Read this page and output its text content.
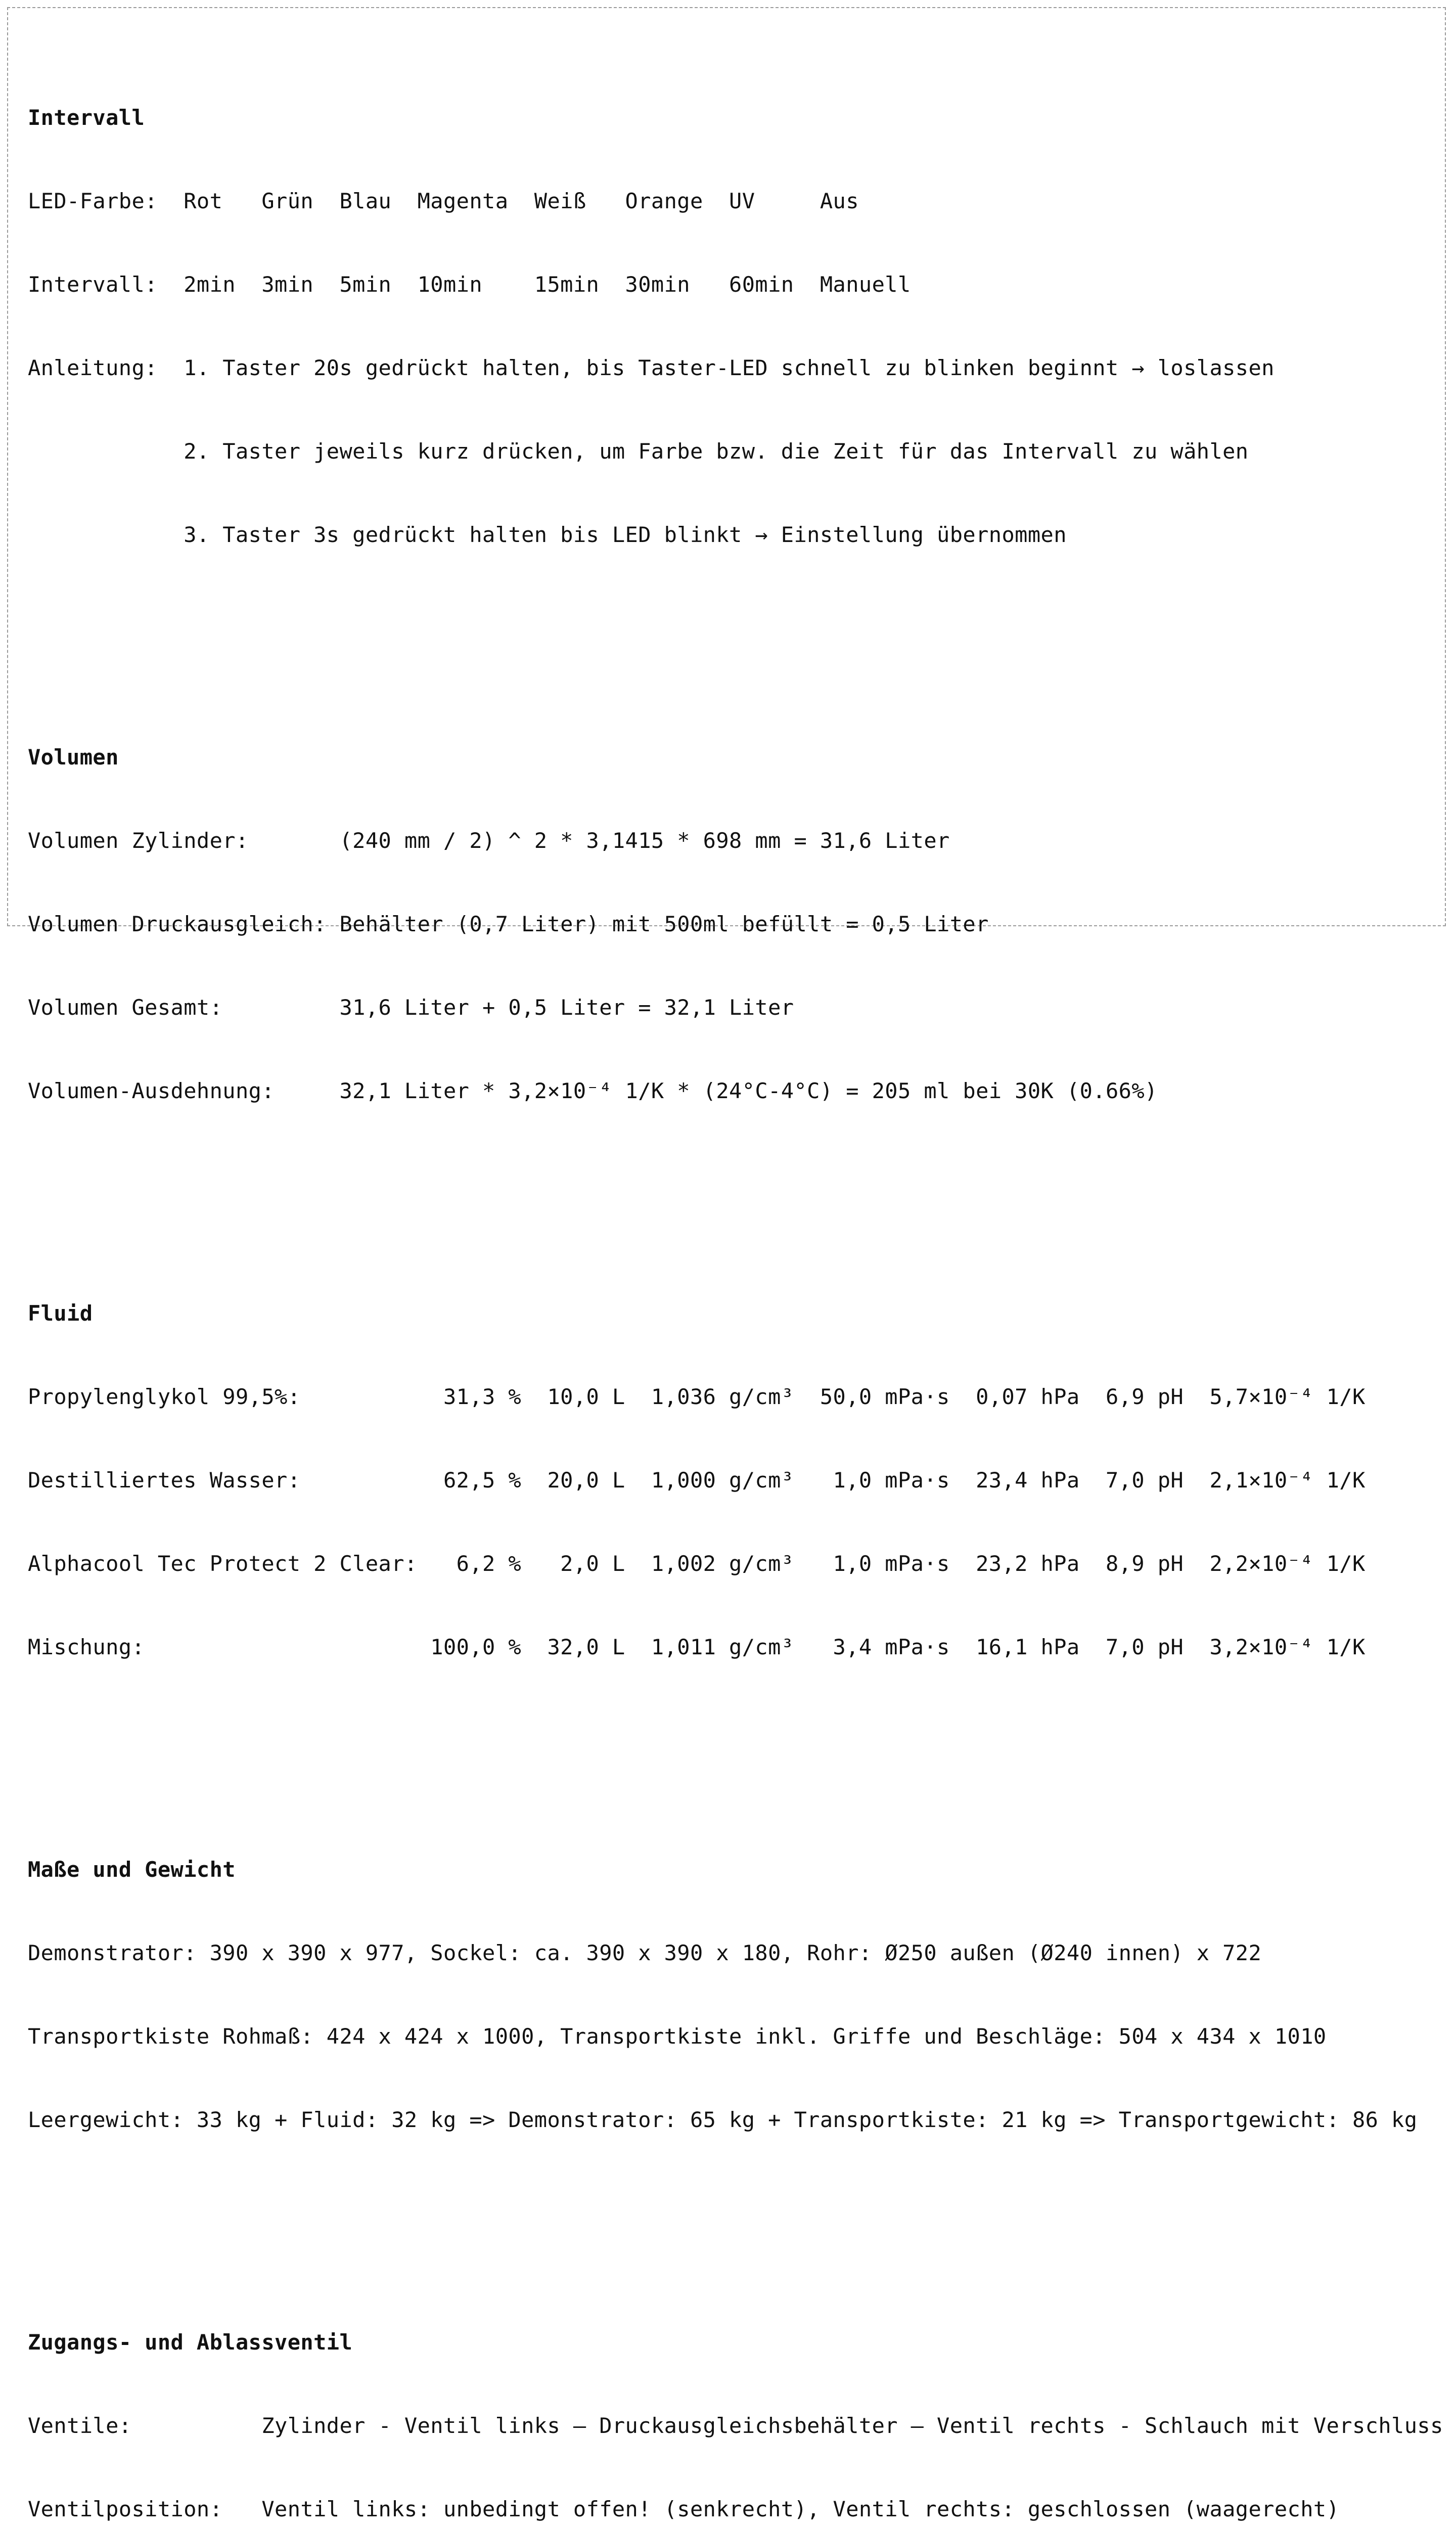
Intervall

LED-Farbe:  Rot   Grün  Blau  Magenta  Weiß   Orange  UV     Aus

Intervall:  2min  3min  5min  10min    15min  30min   60min  Manuell

Anleitung:  1. Taster 20s gedrückt halten, bis Taster-LED schnell zu blinken beginnt → loslassen

2. Taster jeweils kurz drücken, um Farbe bzw. die Zeit für das Intervall zu wählen

3. Taster 3s gedrückt halten bis LED blinkt → Einstellung übernommen

Volumen

Volumen Zylinder:       (240 mm / 2) ^ 2 * 3,1415 * 698 mm = 31,6 Liter

Volumen Druckausgleich: Behälter (0,7 Liter) mit 500ml befüllt = 0,5 Liter

Volumen Gesamt:         31,6 Liter + 0,5 Liter = 32,1 Liter

Volumen-Ausdehnung:     32,1 Liter * 3,2×10⁻⁴ 1/K * (24°C-4°C) = 205 ml bei 30K (0.66%)

Fluid

Propylenglykol 99,5%:           31,3 %  10,0 L  1,036 g/cm³  50,0 mPa·s  0,07 hPa  6,9 pH  5,7×10⁻⁴ 1/K

Destilliertes Wasser:           62,5 %  20,0 L  1,000 g/cm³   1,0 mPa·s  23,4 hPa  7,0 pH  2,1×10⁻⁴ 1/K

Alphacool Tec Protect 2 Clear:   6,2 %   2,0 L  1,002 g/cm³   1,0 mPa·s  23,2 hPa  8,9 pH  2,2×10⁻⁴ 1/K

Mischung:                      100,0 %  32,0 L  1,011 g/cm³   3,4 mPa·s  16,1 hPa  7,0 pH  3,2×10⁻⁴ 1/K

Maße und Gewicht

Demonstrator: 390 x 390 x 977, Sockel: ca. 390 x 390 x 180, Rohr: Ø250 außen (Ø240 innen) x 722

Transportkiste Rohmaß: 424 x 424 x 1000, Transportkiste inkl. Griffe und Beschläge: 504 x 434 x 1010

Leergewicht: 33 kg + Fluid: 32 kg => Demonstrator: 65 kg + Transportkiste: 21 kg => Transportgewicht: 86 kg

Zugangs- und Ablassventil

Ventile:          Zylinder - Ventil links – Druckausgleichsbehälter – Ventil rechts - Schlauch mit Verschluss

Ventilposition:   Ventil links: unbedingt offen! (senkrecht), Ventil rechts: geschlossen (waagerecht)
